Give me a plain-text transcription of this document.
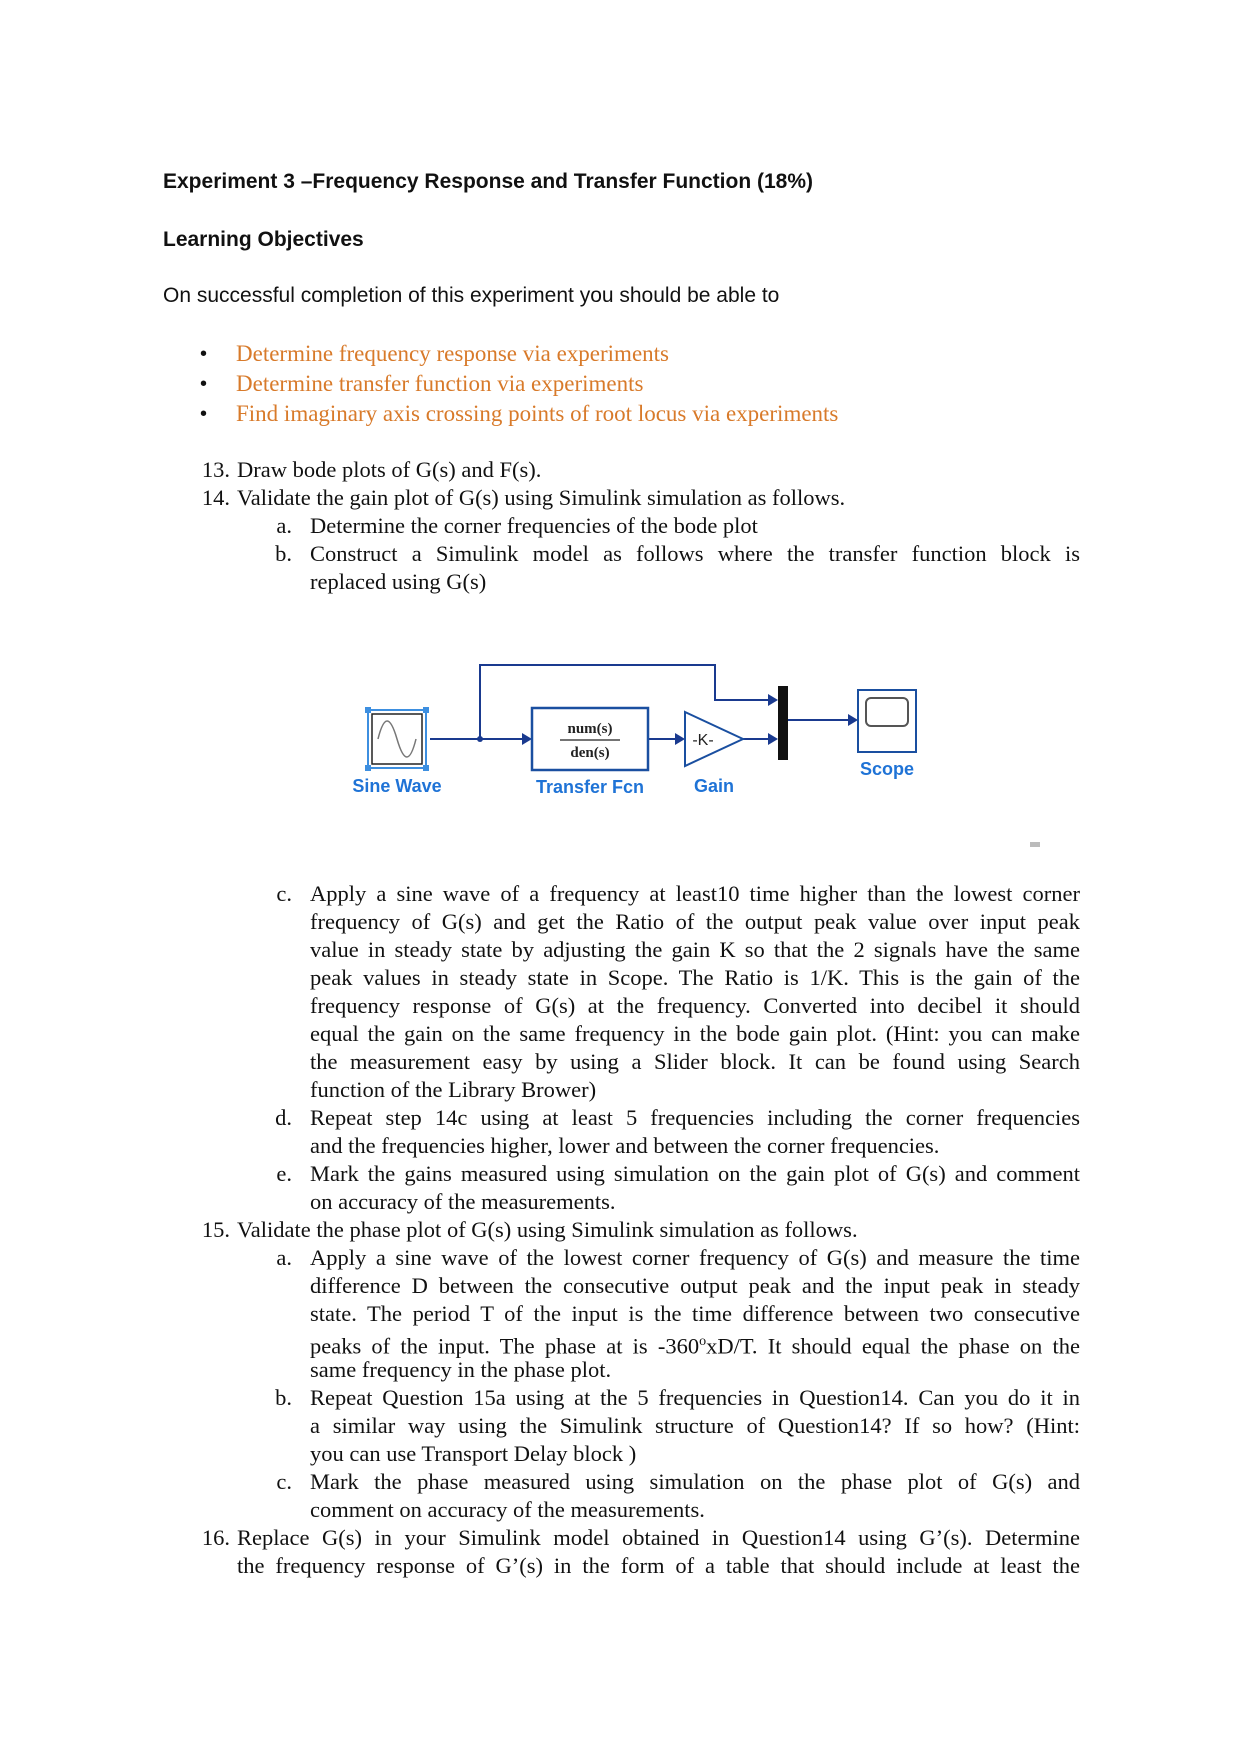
Experiment 3 –Frequency Response and Transfer Function (18%)
Learning Objectives
On successful completion of this experiment you should be able to
• Determine frequency response via experiments
• Determine transfer function via experiments
• Find imaginary axis crossing points of root locus via experiments
13. Draw bode plots of G(s) and F(s).
14. Validate the gain plot of G(s) using Simulink simulation as follows.
a. Determine the corner frequencies of the bode plot
b. Construct a Simulink model as follows where the transfer function block is
replaced using G(s)
c. Apply a sine wave of a frequency at least10 time higher than the lowest corner
frequency of G(s) and get the Ratio of the output peak value over input peak
value in steady state by adjusting the gain K so that the 2 signals have the same
peak values in steady state in Scope. The Ratio is 1/K. This is the gain of the
frequency response of G(s) at the frequency. Converted into decibel it should
equal the gain on the same frequency in the bode gain plot. (Hint: you can make
the measurement easy by using a Slider block. It can be found using Search
function of the Library Brower)
d. Repeat step 14c using at least 5 frequencies including the corner frequencies
and the frequencies higher, lower and between the corner frequencies.
e. Mark the gains measured using simulation on the gain plot of G(s) and comment
on accuracy of the measurements.
15. Validate the phase plot of G(s) using Simulink simulation as follows.
a. Apply a sine wave of the lowest corner frequency of G(s) and measure the time
difference D between the consecutive output peak and the input peak in steady
state. The period T of the input is the time difference between two consecutive
peaks of the input. The phase at is -360$^o$xD/T. It should equal the phase on the
same frequency in the phase plot.
b. Repeat Question 15a using at the 5 frequencies in Question14. Can you do it in
a similar way using the Simulink structure of Question14? If so how? (Hint:
you can use Transport Delay block )
c. Mark the phase measured using simulation on the phase plot of G(s) and
comment on accuracy of the measurements.
16. Replace G(s) in your Simulink model obtained in Question14 using G’(s). Determine
the frequency response of G’(s) in the form of a table that should include at least the
num(s)
den(s)
-K-
Sine Wave	Transfer Fcn	Gain
Scope
